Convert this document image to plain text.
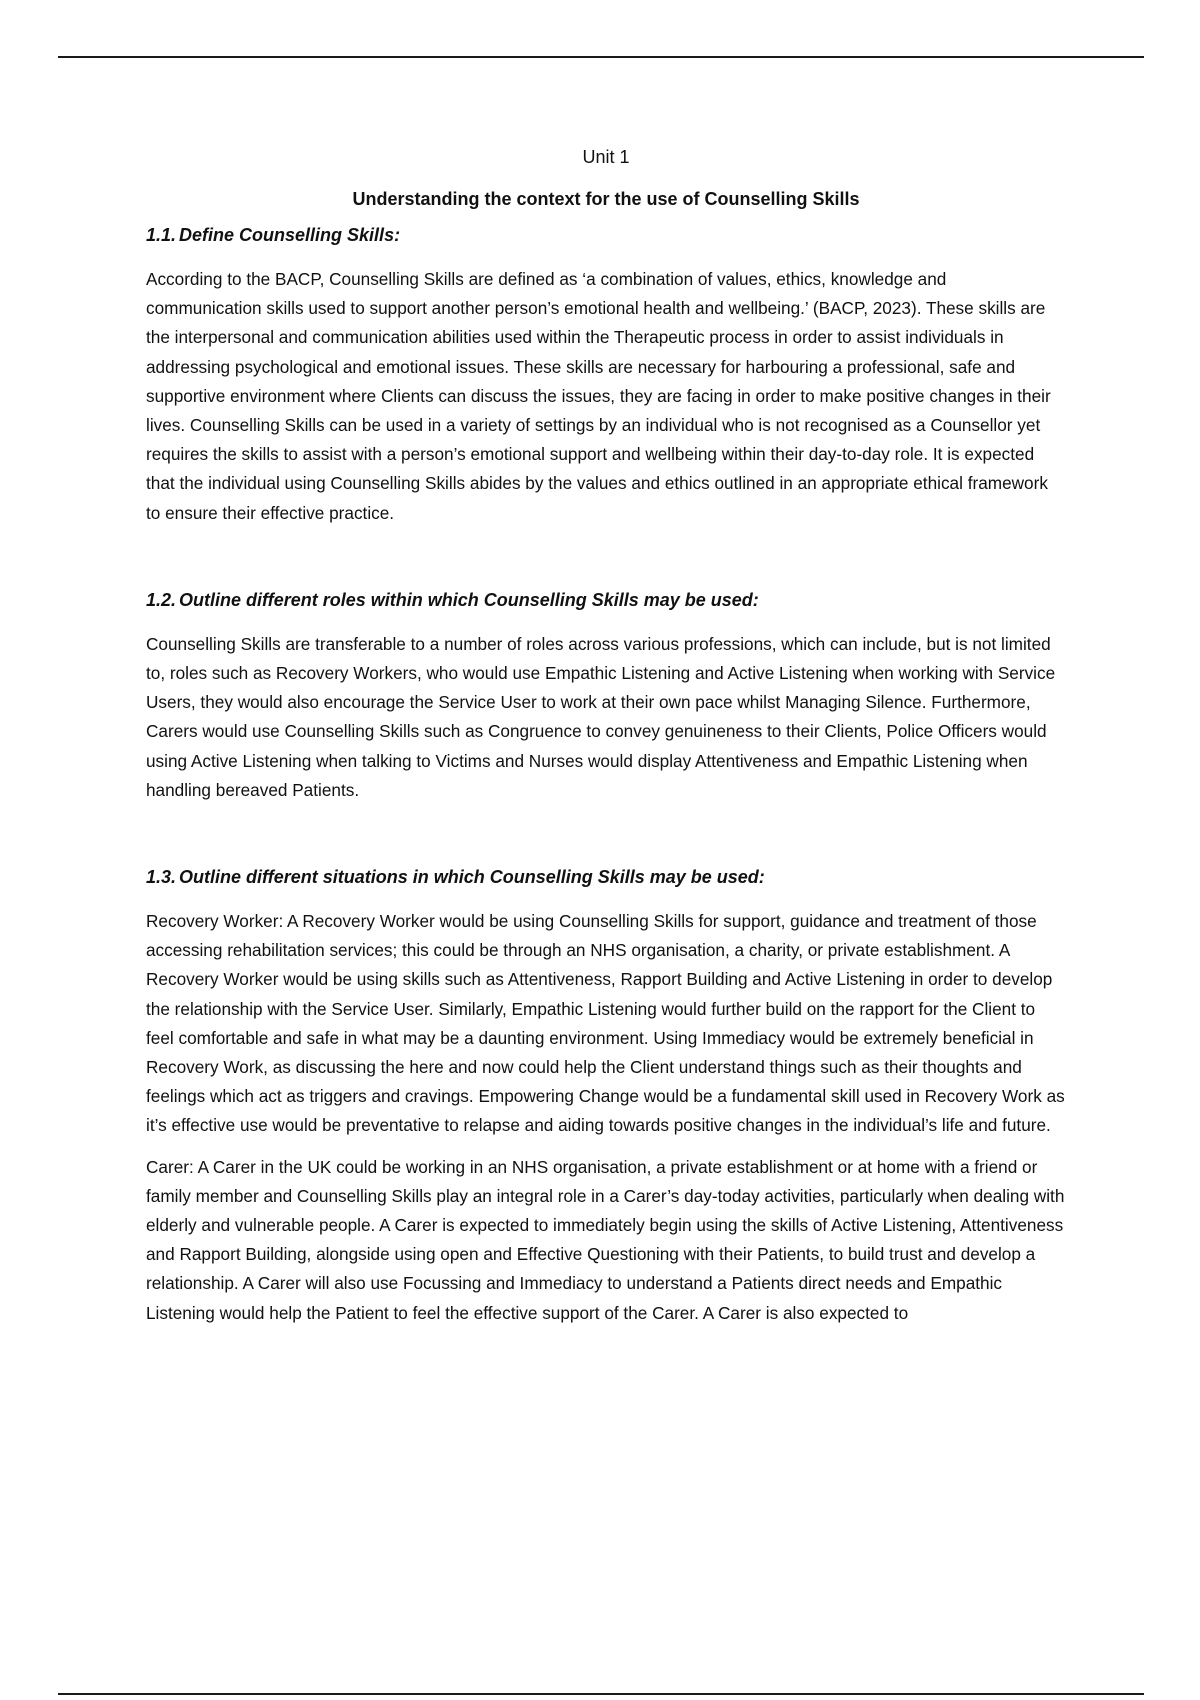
Unit 1
Understanding the context for the use of Counselling Skills
1.1. Define Counselling Skills:

According to the BACP, Counselling Skills are defined as ‘a combination of values, ethics, knowledge and communication skills used to support another person’s emotional health and wellbeing.’ (BACP, 2023). These skills are the interpersonal and communication abilities used within the Therapeutic process in order to assist individuals in addressing psychological and emotional issues. These skills are necessary for harbouring a professional, safe and supportive environment where Clients can discuss the issues, they are facing in order to make positive changes in their lives. Counselling Skills can be used in a variety of settings by an individual who is not recognised as a Counsellor yet requires the skills to assist with a person’s emotional support and wellbeing within their day-to-day role. It is expected that the individual using Counselling Skills abides by the values and ethics outlined in an appropriate ethical framework to ensure their effective practice.

1.2. Outline different roles within which Counselling Skills may be used:

Counselling Skills are transferable to a number of roles across various professions, which can include, but is not limited to, roles such as Recovery Workers, who would use Empathic Listening and Active Listening when working with Service Users, they would also encourage the Service User to work at their own pace whilst Managing Silence. Furthermore, Carers would use Counselling Skills such as Congruence to convey genuineness to their Clients, Police Officers would using Active Listening when talking to Victims and Nurses would display Attentiveness and Empathic Listening when handling bereaved Patients.

1.3. Outline different situations in which Counselling Skills may be used:

Recovery Worker: A Recovery Worker would be using Counselling Skills for support, guidance and treatment of those accessing rehabilitation services; this could be through an NHS organisation, a charity, or private establishment. A Recovery Worker would be using skills such as Attentiveness, Rapport Building and Active Listening in order to develop the relationship with the Service User. Similarly, Empathic Listening would further build on the rapport for the Client to feel comfortable and safe in what may be a daunting environment. Using Immediacy would be extremely beneficial in Recovery Work, as discussing the here and now could help the Client understand things such as their thoughts and feelings which act as triggers and cravings. Empowering Change would be a fundamental skill used in Recovery Work as it’s effective use would be preventative to relapse and aiding towards positive changes in the individual’s life and future.

Carer: A Carer in the UK could be working in an NHS organisation, a private establishment or at home with a friend or family member and Counselling Skills play an integral role in a Carer’s day-today activities, particularly when dealing with elderly and vulnerable people. A Carer is expected to immediately begin using the skills of Active Listening, Attentiveness and Rapport Building, alongside using open and Effective Questioning with their Patients, to build trust and develop a relationship. A Carer will also use Focussing and Immediacy to understand a Patients direct needs and Empathic Listening would help the Patient to feel the effective support of the Carer. A Carer is also expected to
